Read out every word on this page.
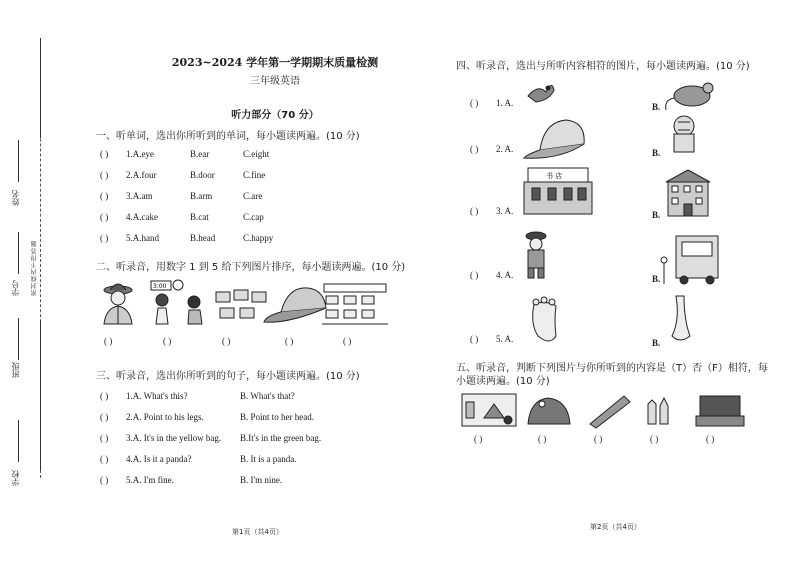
姓名
学号
班级
学校
密封线内不得答题
2023~2024 学年第一学期期末质量检测
三年级英语
听力部分（70 分）
一、听单词，选出你所听到的单词，每小题读两遍。(10 分)
( ) 1.A.eye	B.ear	C.eight
( ) 2.A.four	B.door	C.fine
( ) 3.A.am	B.arm	C.are
( ) 4.A.cake	B.cat	C.cap
( ) 5.A.hand	B.head	C.happy
二、听录音，用数字 1 到 5 给下列图片排序，每小题读两遍。(10 分)
3:00
( )	( )	( )	( )	( )
三、听录音，选出你所听到的句子，每小题读两遍。(10 分)
( ) 1.A. What's this?	B. What's that?
( ) 2.A. Point to his legs.	B. Point to her head.
( ) 3.A. It's in the yellow bag. B.It's in the green bag.
( ) 4.A. Is it a panda?	B. It is a panda.
( ) 5.A. I'm fine.	B. I'm nine.
四、听录音，选出与所听内容相符的图片，每小题读两遍。(10 分)
( ) 1. A.	B.
( ) 2. A.	B.
( ) 3. A.	B.
( ) 4. A.	B.
( ) 5. A.	B.
书 店
五、听录音，判断下列图片与你所听到的内容是（T）否（F）相符，每
小题读两遍。(10 分)
( )	( )	( )	( )	( )
第1页（共4页）
第2页（共4页）
